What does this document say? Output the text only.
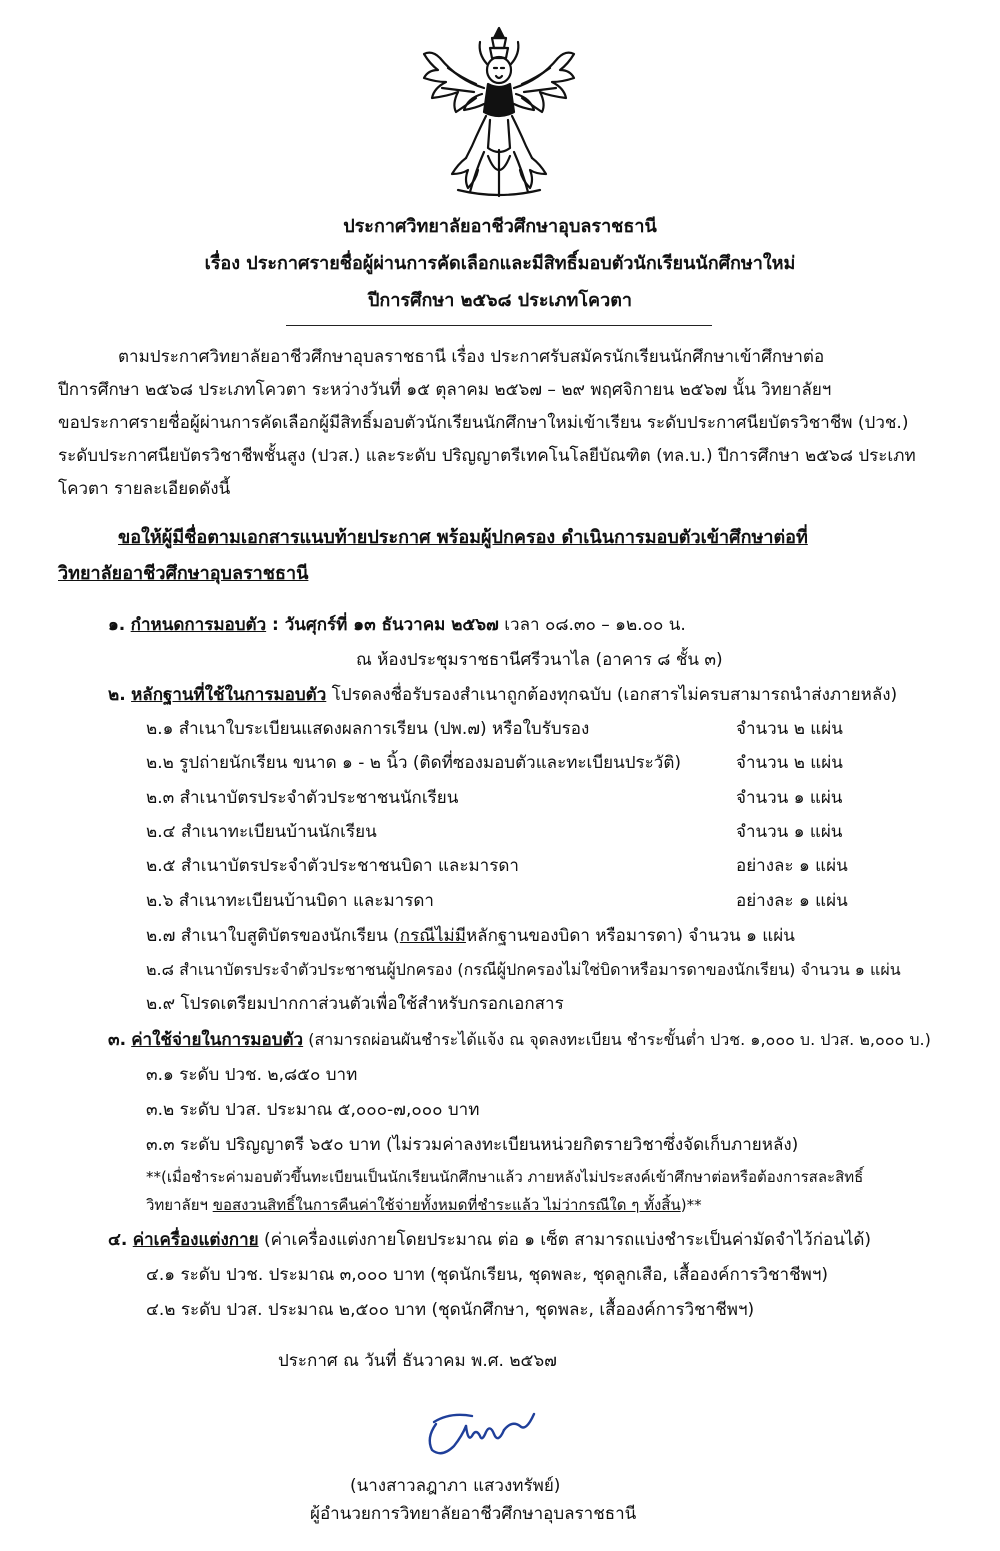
ประกาศวิทยาลัยอาชีวศึกษาอุบลราชธานี
เรื่อง ประกาศรายชื่อผู้ผ่านการคัดเลือกและมีสิทธิ์มอบตัวนักเรียนนักศึกษาใหม่
ปีการศึกษา ๒๕๖๘ ประเภทโควตา
ตามประกาศวิทยาลัยอาชีวศึกษาอุบลราชธานี เรื่อง ประกาศรับสมัครนักเรียนนักศึกษาเข้าศึกษาต่อ
ปีการศึกษา ๒๕๖๘ ประเภทโควตา ระหว่างวันที่ ๑๕ ตุลาคม ๒๕๖๗ – ๒๙ พฤศจิกายน ๒๕๖๗ นั้น วิทยาลัยฯ
ขอประกาศรายชื่อผู้ผ่านการคัดเลือกผู้มีสิทธิ์มอบตัวนักเรียนนักศึกษาใหม่เข้าเรียน ระดับประกาศนียบัตรวิชาชีพ (ปวช.)
ระดับประกาศนียบัตรวิชาชีพชั้นสูง (ปวส.) และระดับ ปริญญาตรีเทคโนโลยีบัณฑิต (ทล.บ.) ปีการศึกษา ๒๕๖๘ ประเภท
โควตา รายละเอียดดังนี้
ขอให้ผู้มีชื่อตามเอกสารแนบท้ายประกาศ พร้อมผู้ปกครอง ดำเนินการมอบตัวเข้าศึกษาต่อที่
วิทยาลัยอาชีวศึกษาอุบลราชธานี
๑. กำหนดการมอบตัว : วันศุกร์ที่ ๑๓ ธันวาคม ๒๕๖๗ เวลา ๐๘.๓๐ – ๑๒.๐๐ น.
ณ ห้องประชุมราชธานีศรีวนาไล (อาคาร ๘ ชั้น ๓)
๒. หลักฐานที่ใช้ในการมอบตัว โปรดลงชื่อรับรองสำเนาถูกต้องทุกฉบับ (เอกสารไม่ครบสามารถนำส่งภายหลัง)
๒.๑ สำเนาใบระเบียนแสดงผลการเรียน (ปพ.๗) หรือใบรับรอง	จำนวน ๒ แผ่น
๒.๒ รูปถ่ายนักเรียน ขนาด ๑ - ๒ นิ้ว (ติดที่ซองมอบตัวและทะเบียนประวัติ)	จำนวน ๒ แผ่น
๒.๓ สำเนาบัตรประจำตัวประชาชนนักเรียน	จำนวน ๑ แผ่น
๒.๔ สำเนาทะเบียนบ้านนักเรียน	จำนวน ๑ แผ่น
๒.๕ สำเนาบัตรประจำตัวประชาชนบิดา และมารดา	อย่างละ ๑ แผ่น
๒.๖ สำเนาทะเบียนบ้านบิดา และมารดา	อย่างละ ๑ แผ่น
๒.๗ สำเนาใบสูติบัตรของนักเรียน (กรณีไม่มีหลักฐานของบิดา หรือมารดา) จำนวน ๑ แผ่น
๒.๘ สำเนาบัตรประจำตัวประชาชนผู้ปกครอง (กรณีผู้ปกครองไม่ใช่บิดาหรือมารดาของนักเรียน) จำนวน ๑ แผ่น
๒.๙ โปรดเตรียมปากกาส่วนตัวเพื่อใช้สำหรับกรอกเอกสาร
๓. ค่าใช้จ่ายในการมอบตัว (สามารถผ่อนผันชำระได้แจ้ง ณ จุดลงทะเบียน ชำระขั้นต่ำ ปวช. ๑,๐๐๐ บ. ปวส. ๒,๐๐๐ บ.)
๓.๑ ระดับ ปวช. ๒,๘๕๐ บาท
๓.๒ ระดับ ปวส. ประมาณ ๕,๐๐๐-๗,๐๐๐ บาท
๓.๓ ระดับ ปริญญาตรี ๖๕๐ บาท (ไม่รวมค่าลงทะเบียนหน่วยกิตรายวิชาซึ่งจัดเก็บภายหลัง)
**(เมื่อชำระค่ามอบตัวขึ้นทะเบียนเป็นนักเรียนนักศึกษาแล้ว ภายหลังไม่ประสงค์เข้าศึกษาต่อหรือต้องการสละสิทธิ์
วิทยาลัยฯ ขอสงวนสิทธิ์ในการคืนค่าใช้จ่ายทั้งหมดที่ชำระแล้ว ไม่ว่ากรณีใด ๆ ทั้งสิ้น)**
๔. ค่าเครื่องแต่งกาย (ค่าเครื่องแต่งกายโดยประมาณ ต่อ ๑ เซ็ต สามารถแบ่งชำระเป็นค่ามัดจำไว้ก่อนได้)
๔.๑ ระดับ ปวช. ประมาณ ๓,๐๐๐ บาท (ชุดนักเรียน, ชุดพละ, ชุดลูกเสือ, เสื้อองค์การวิชาชีพฯ)
๔.๒ ระดับ ปวส. ประมาณ ๒,๕๐๐ บาท (ชุดนักศึกษา, ชุดพละ, เสื้อองค์การวิชาชีพฯ)
ประกาศ ณ วันที่ ธันวาคม พ.ศ. ๒๕๖๗
(นางสาวลฎาภา แสวงทรัพย์)
ผู้อำนวยการวิทยาลัยอาชีวศึกษาอุบลราชธานี
